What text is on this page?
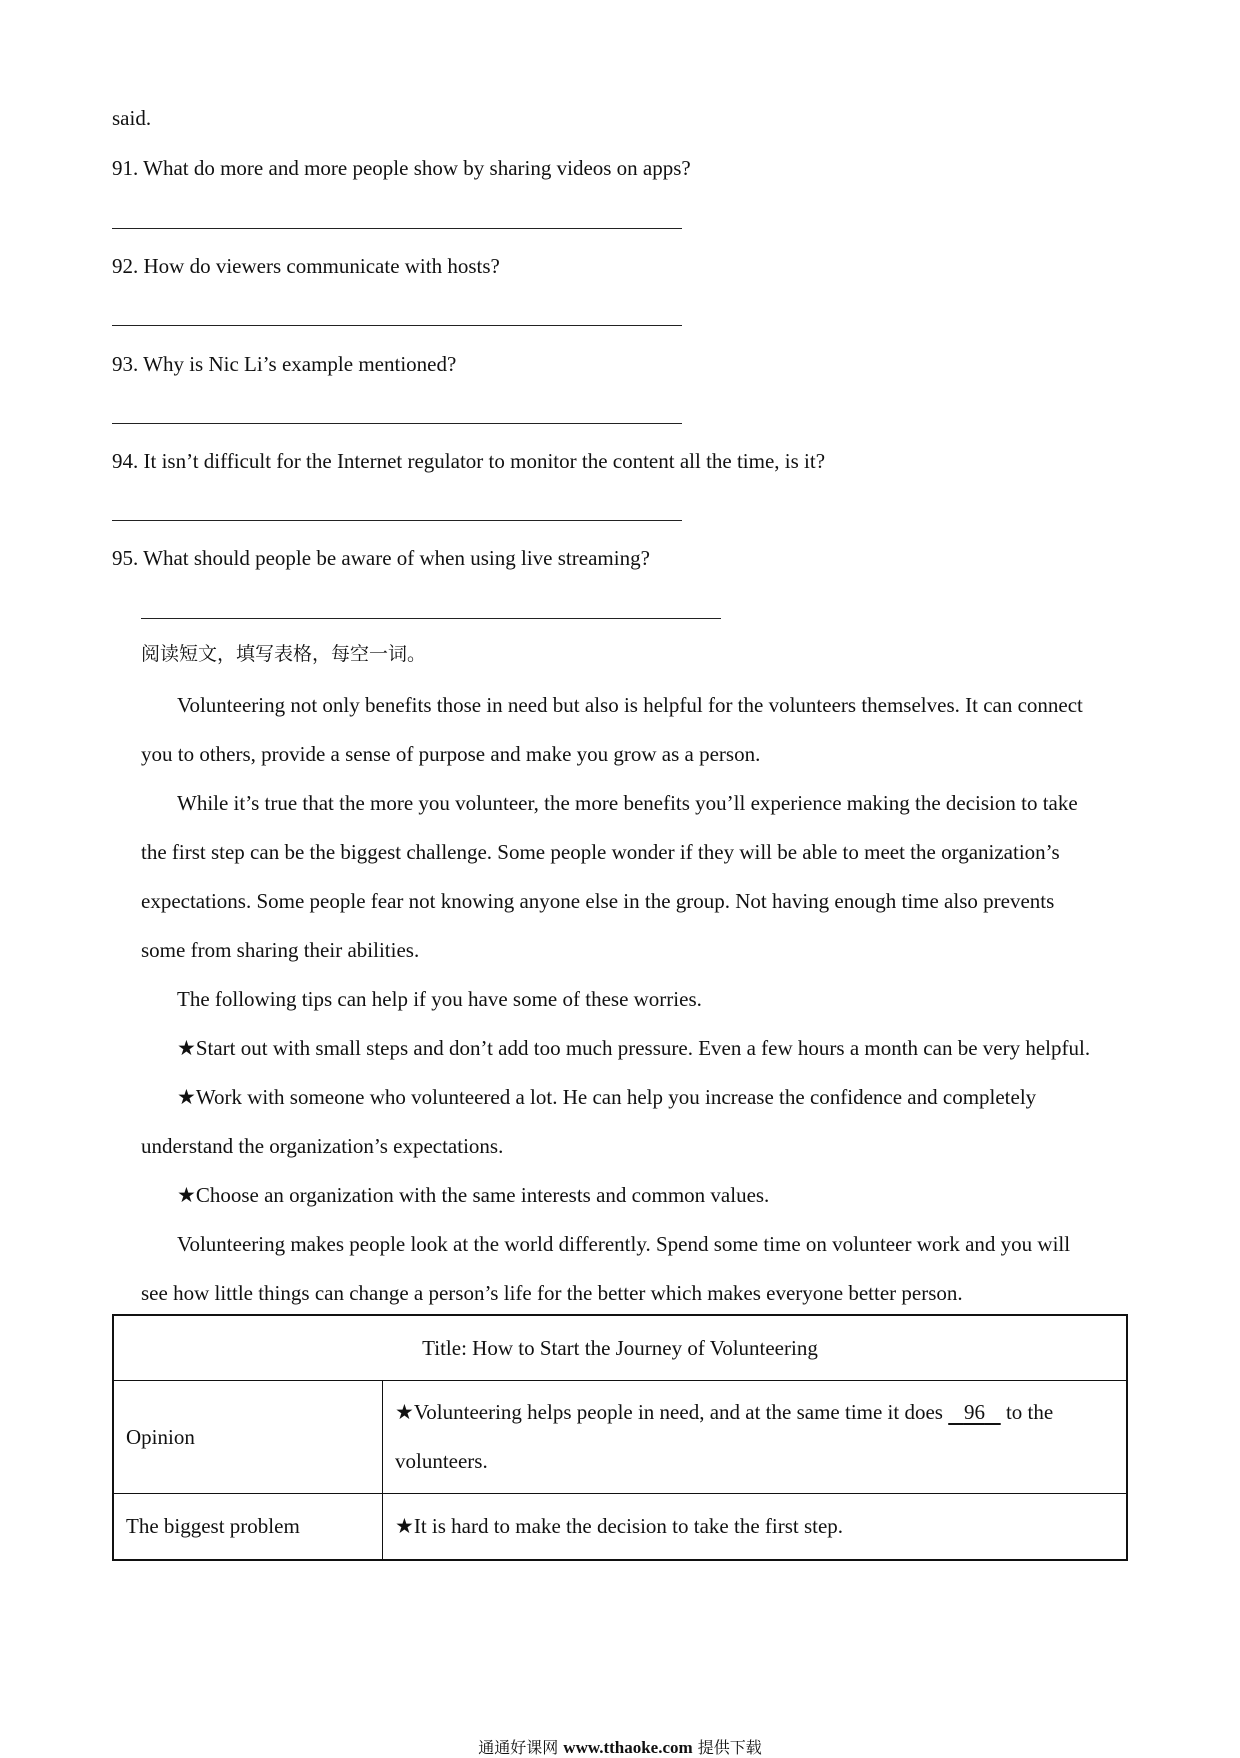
said.
91. What do more and more people show by sharing videos on apps?
92. How do viewers communicate with hosts?
93. Why is Nic Li’s example mentioned?
94. It isn’t difficult for the Internet regulator to monitor the content all the time, is it?
95. What should people be aware of when using live streaming?
阅读短文，填写表格，每空一词。
Volunteering not only benefits those in need but also is helpful for the volunteers themselves. It can connect
you to others, provide a sense of purpose and make you grow as a person.
While it’s true that the more you volunteer, the more benefits you’ll experience making the decision to take
the first step can be the biggest challenge. Some people wonder if they will be able to meet the organization’s
expectations. Some people fear not knowing anyone else in the group. Not having enough time also prevents
some from sharing their abilities.
The following tips can help if you have some of these worries.
★Start out with small steps and don’t add too much pressure. Even a few hours a month can be very helpful.
★Work with someone who volunteered a lot. He can help you increase the confidence and completely
understand the organization’s expectations.
★Choose an organization with the same interests and common values.
Volunteering makes people look at the world differently. Spend some time on volunteer work and you will
see how little things can change a person’s life for the better which makes everyone better person.
Title: How to Start the Journey of Volunteering	
Opinion	★Volunteering helps people in need, and at the same time it does    96    to the
volunteers.
The biggest problem	★It is hard to make the decision to take the first step.
通通好课网 www.tthaoke.com 提供下载
